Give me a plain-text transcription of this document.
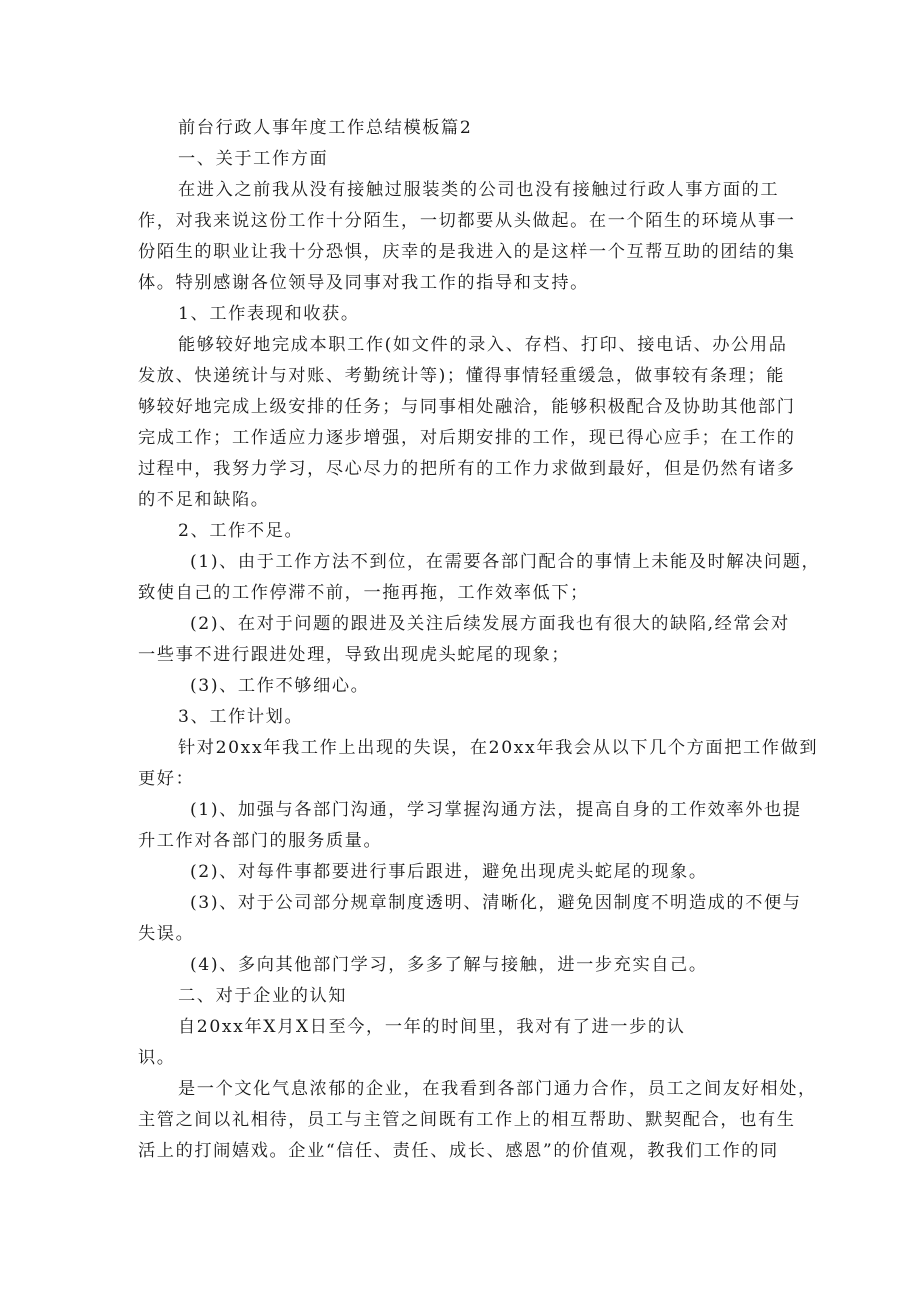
前台行政人事年度工作总结模板篇2
一、关于工作方面
在进入之前我从没有接触过服装类的公司也没有接触过行政人事方面的工
作，对我来说这份工作十分陌生，一切都要从头做起。在一个陌生的环境从事一
份陌生的职业让我十分恐惧，庆幸的是我进入的是这样一个互帮互助的团结的集
体。特别感谢各位领导及同事对我工作的指导和支持。
1、工作表现和收获。
能够较好地完成本职工作(如文件的录入、存档、打印、接电话、办公用品
发放、快递统计与对账、考勤统计等)；懂得事情轻重缓急，做事较有条理；能
够较好地完成上级安排的任务；与同事相处融洽，能够积极配合及协助其他部门
完成工作；工作适应力逐步增强，对后期安排的工作，现已得心应手；在工作的
过程中，我努力学习，尽心尽力的把所有的工作力求做到最好，但是仍然有诸多
的不足和缺陷。
2、工作不足。
(1)、由于工作方法不到位，在需要各部门配合的事情上未能及时解决问题，
致使自己的工作停滞不前，一拖再拖，工作效率低下；
(2)、在对于问题的跟进及关注后续发展方面我也有很大的缺陷,经常会对
一些事不进行跟进处理，导致出现虎头蛇尾的现象；
(3)、工作不够细心。
3、工作计划。
针对20xx年我工作上出现的失误，在20xx年我会从以下几个方面把工作做到
更好：
(1)、加强与各部门沟通，学习掌握沟通方法，提高自身的工作效率外也提
升工作对各部门的服务质量。
(2)、对每件事都要进行事后跟进，避免出现虎头蛇尾的现象。
(3)、对于公司部分规章制度透明、清晰化，避免因制度不明造成的不便与
失误。
(4)、多向其他部门学习，多多了解与接触，进一步充实自己。
二、对于企业的认知
自20xx年X月X日至今，一年的时间里，我对有了进一步的认
识。
是一个文化气息浓郁的企业，在我看到各部门通力合作，员工之间友好相处，
主管之间以礼相待，员工与主管之间既有工作上的相互帮助、默契配合，也有生
活上的打闹嬉戏。企业“信任、责任、成长、感恩”的价值观，教我们工作的同
